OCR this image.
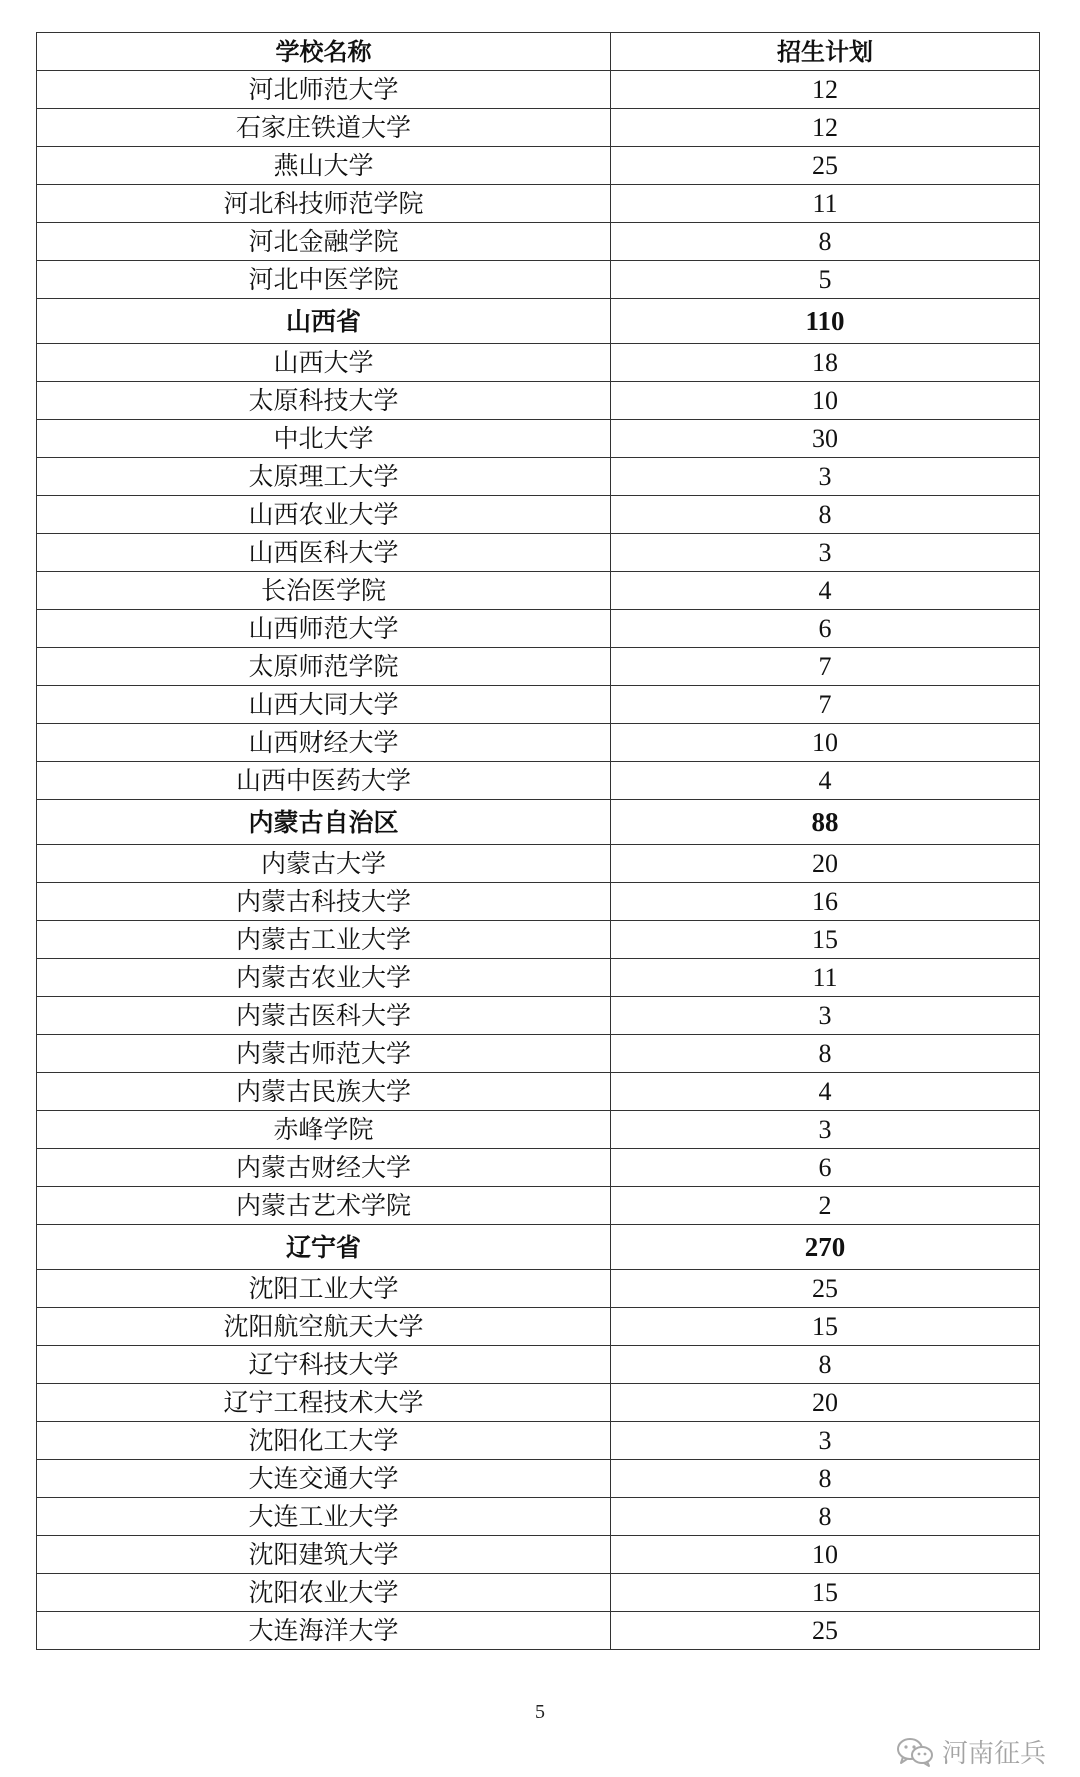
学校名称	招生计划
河北师范大学	12
石家庄铁道大学	12
燕山大学	25
河北科技师范学院	11
河北金融学院	8
河北中医学院	5
山西省	110
山西大学	18
太原科技大学	10
中北大学	30
太原理工大学	3
山西农业大学	8
山西医科大学	3
长治医学院	4
山西师范大学	6
太原师范学院	7
山西大同大学	7
山西财经大学	10
山西中医药大学	4
内蒙古自治区	88
内蒙古大学	20
内蒙古科技大学	16
内蒙古工业大学	15
内蒙古农业大学	11
内蒙古医科大学	3
内蒙古师范大学	8
内蒙古民族大学	4
赤峰学院	3
内蒙古财经大学	6
内蒙古艺术学院	2
辽宁省	270
沈阳工业大学	25
沈阳航空航天大学	15
辽宁科技大学	8
辽宁工程技术大学	20
沈阳化工大学	3
大连交通大学	8
大连工业大学	8
沈阳建筑大学	10
沈阳农业大学	15
大连海洋大学	25
5
河南征兵
